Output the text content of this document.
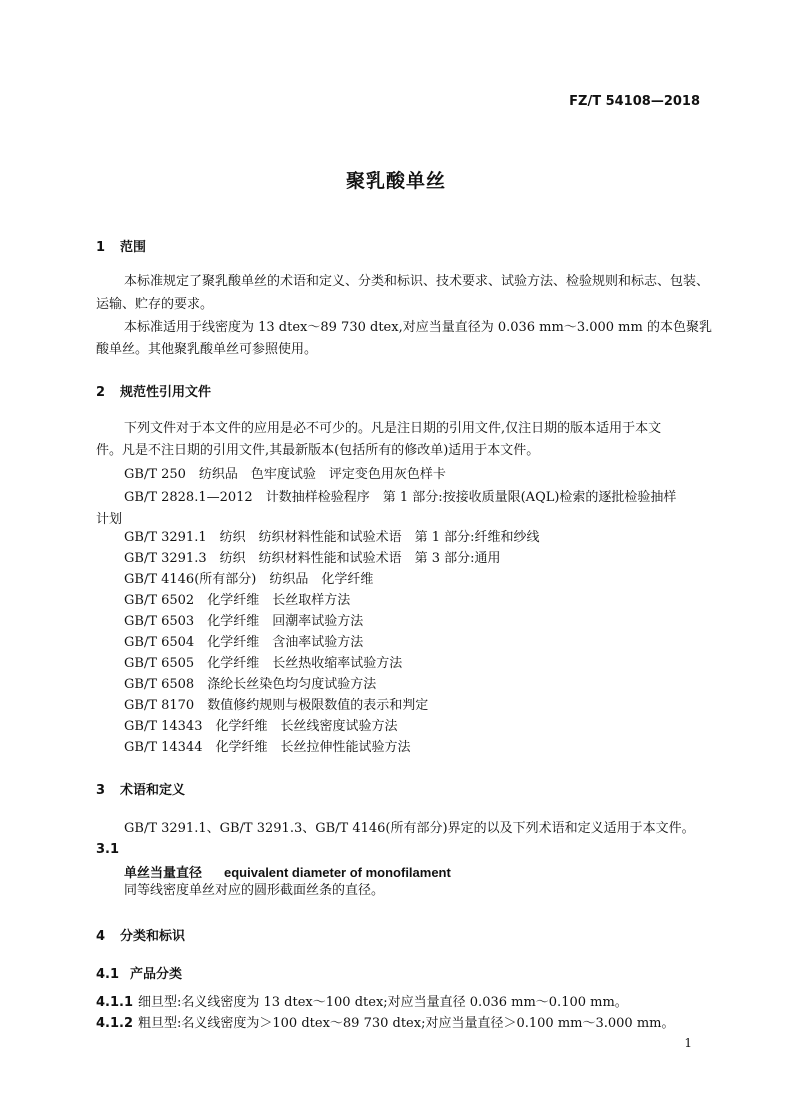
FZ/T 54108—2018
聚乳酸单丝
1 范围
本标准规定了聚乳酸单丝的术语和定义、分类和标识、技术要求、试验方法、检验规则和标志、包装、
运输、贮存的要求。
本标准适用于线密度为 13 dtex～89 730 dtex,对应当量直径为 0.036 mm～3.000 mm 的本色聚乳
酸单丝。其他聚乳酸单丝可参照使用。
2 规范性引用文件
下列文件对于本文件的应用是必不可少的。凡是注日期的引用文件,仅注日期的版本适用于本文
件。凡是不注日期的引用文件,其最新版本(包括所有的修改单)适用于本文件。
GB/T 250　纺织品　色牢度试验　评定变色用灰色样卡
GB/T 2828.1—2012　计数抽样检验程序　第 1 部分:按接收质量限(AQL)检索的逐批检验抽样
计划
GB/T 3291.1　纺织　纺织材料性能和试验术语　第 1 部分:纤维和纱线
GB/T 3291.3　纺织　纺织材料性能和试验术语　第 3 部分:通用
GB/T 4146(所有部分)　纺织品　化学纤维
GB/T 6502　化学纤维　长丝取样方法
GB/T 6503　化学纤维　回潮率试验方法
GB/T 6504　化学纤维　含油率试验方法
GB/T 6505　化学纤维　长丝热收缩率试验方法
GB/T 6508　涤纶长丝染色均匀度试验方法
GB/T 8170　数值修约规则与极限数值的表示和判定
GB/T 14343　化学纤维　长丝线密度试验方法
GB/T 14344　化学纤维　长丝拉伸性能试验方法
3 术语和定义
GB/T 3291.1、GB/T 3291.3、GB/T 4146(所有部分)界定的以及下列术语和定义适用于本文件。
3.1
单丝当量直径 equivalent diameter of monofilament
同等线密度单丝对应的圆形截面丝条的直径。
4 分类和标识
4.1 产品分类
4.1.1 细旦型:名义线密度为 13 dtex～100 dtex;对应当量直径 0.036 mm～0.100 mm。
4.1.2 粗旦型:名义线密度为＞100 dtex～89 730 dtex;对应当量直径＞0.100 mm～3.000 mm。
1
